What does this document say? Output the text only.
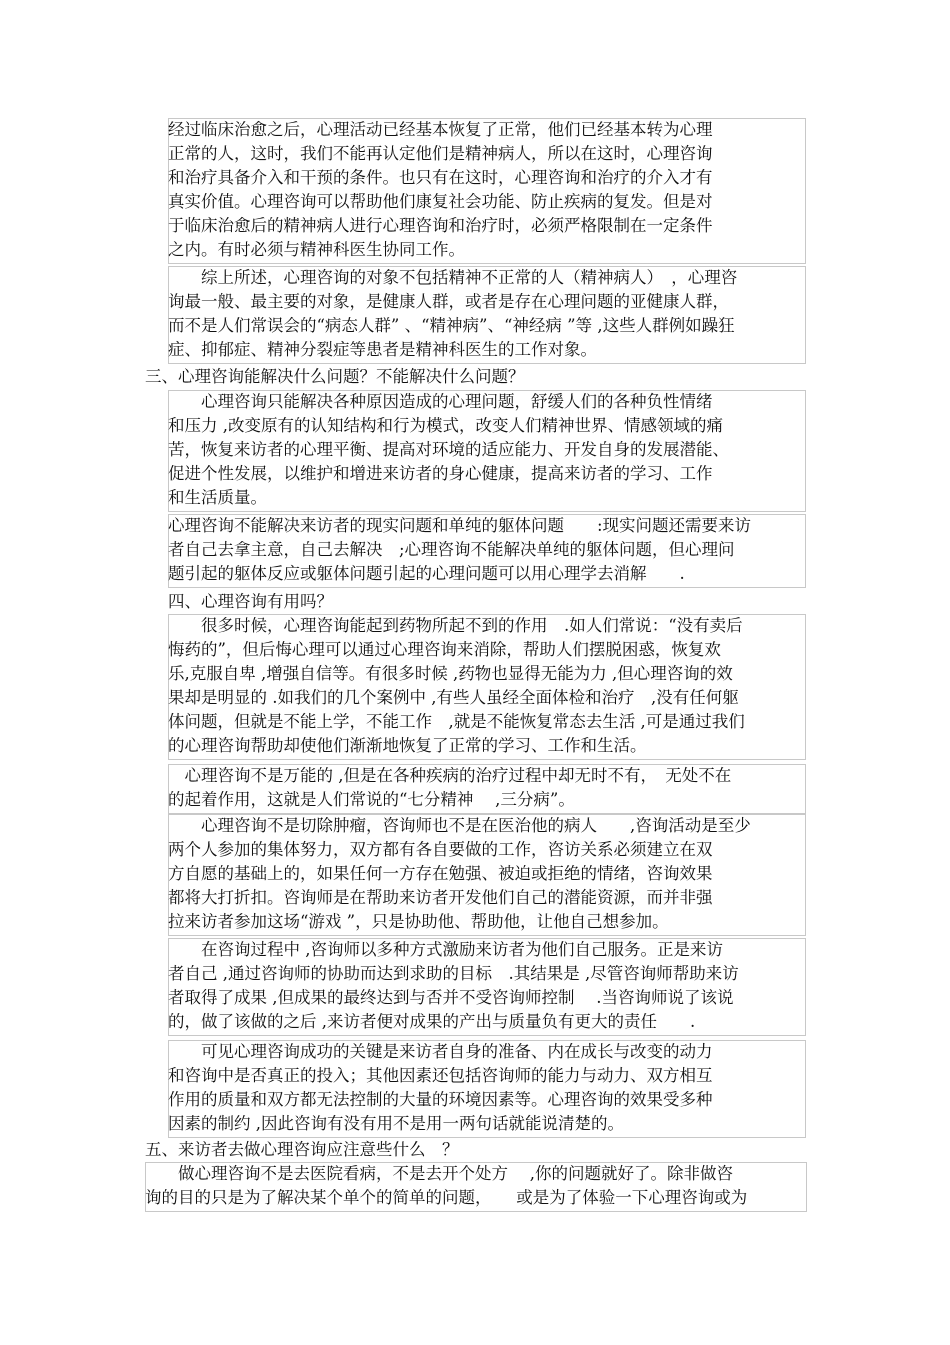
经过临床治愈之后，心理活动已经基本恢复了正常，他们已经基本转为心理
正常的人，这时，我们不能再认定他们是精神病人，所以在这时，心理咨询
和治疗具备介入和干预的条件。也只有在这时，心理咨询和治疗的介入才有
真实价值。心理咨询可以帮助他们康复社会功能、防止疾病的复发。但是对
于临床治愈后的精神病人进行心理咨询和治疗时，必须严格限制在一定条件
之内。有时必须与精神科医生协同工作。
　　综上所述，心理咨询的对象不包括精神不正常的人（精神病人）　，心理咨
询最一般、最主要的对象，是健康人群，或者是存在心理问题的亚健康人群，
而不是人们常误会的“病态人群” 、“精神病”、“神经病 ”等 ,这些人群例如躁狂
症、抑郁症、精神分裂症等患者是精神科医生的工作对象。
三、心理咨询能解决什么问题？不能解决什么问题？
　　心理咨询只能解决各种原因造成的心理问题，舒缓人们的各种负性情绪
和压力 ,改变原有的认知结构和行为模式，改变人们精神世界、情感领域的痛
苦，恢复来访者的心理平衡、提高对环境的适应能力、开发自身的发展潜能、
促进个性发展，以维护和增进来访者的身心健康，提高来访者的学习、工作
和生活质量。
心理咨询不能解决来访者的现实问题和单纯的躯体问题　　:现实问题还需要来访
者自己去拿主意，自己去解决　;心理咨询不能解决单纯的躯体问题，但心理问
题引起的躯体反应或躯体问题引起的心理问题可以用心理学去消解　　.
四、心理咨询有用吗？
　　很多时候，心理咨询能起到药物所起不到的作用　.如人们常说：“没有卖后
悔药的”，但后悔心理可以通过心理咨询来消除，帮助人们摆脱困惑，恢复欢
乐,克服自卑 ,增强自信等。有很多时候 ,药物也显得无能为力 ,但心理咨询的效
果却是明显的 .如我们的几个案例中 ,有些人虽经全面体检和治疗　,没有任何躯
体问题，但就是不能上学，不能工作　,就是不能恢复常态去生活 ,可是通过我们
的心理咨询帮助却使他们渐渐地恢复了正常的学习、工作和生活。
　心理咨询不是万能的 ,但是在各种疾病的治疗过程中却无时不有，　无处不在
的起着作用，这就是人们常说的“七分精神　 ,三分病”。
　　心理咨询不是切除肿瘤，咨询师也不是在医治他的病人　　,咨询活动是至少
两个人参加的集体努力，双方都有各自要做的工作，咨访关系必须建立在双
方自愿的基础上的，如果任何一方存在勉强、被迫或拒绝的情绪，咨询效果
都将大打折扣。咨询师是在帮助来访者开发他们自己的潜能资源，而并非强
拉来访者参加这场“游戏 ”，只是协助他、帮助他，让他自己想参加。
　　在咨询过程中 ,咨询师以多种方式激励来访者为他们自己服务。正是来访
者自己 ,通过咨询师的协助而达到求助的目标　.其结果是 ,尽管咨询师帮助来访
者取得了成果 ,但成果的最终达到与否并不受咨询师控制　 .当咨询师说了该说
的，做了该做的之后 ,来访者便对成果的产出与质量负有更大的责任　　.
　　可见心理咨询成功的关键是来访者自身的准备、内在成长与改变的动力
和咨询中是否真正的投入；其他因素还包括咨询师的能力与动力、双方相互
作用的质量和双方都无法控制的大量的环境因素等。心理咨询的效果受多种
因素的制约 ,因此咨询有没有用不是用一两句话就能说清楚的。
五、来访者去做心理咨询应注意些什么　？
　　做心理咨询不是去医院看病，不是去开个处方　 ,你的问题就好了。除非做咨
询的目的只是为了解决某个单个的简单的问题，　　或是为了体验一下心理咨询或为
